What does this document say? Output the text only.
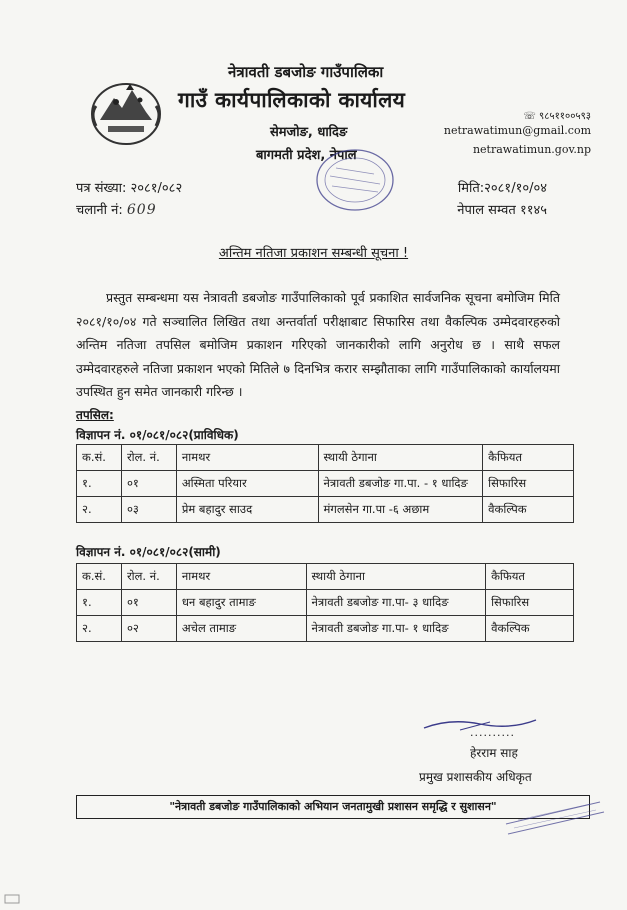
नेत्रावती डबजोङ गाउँपालिका
गाउँ कार्यपालिकाको कार्यालय
सेमजोङ, धादिङ
बागमती प्रदेश, नेपाल
☏ ९८५११००५९३
netrawatimun@gmail.com
netrawatimun.gov.np
पत्र संख्या: २०८१/०८२
चलानी नं: 609
मिति:२०८१/१०/०४
नेपाल सम्वत ११४५
अन्तिम नतिजा प्रकाशन सम्बन्धी सूचना !
प्रस्तुत सम्बन्धमा यस नेत्रावती डबजोङ गाउँपालिकाको पूर्व प्रकाशित सार्वजनिक सूचना बमोजिम मिति २०८१/१०/०४ गते सञ्चालित लिखित तथा अन्तर्वार्ता परीक्षाबाट सिफारिस तथा वैकल्पिक उम्मेदवारहरुको अन्तिम नतिजा तपसिल बमोजिम प्रकाशन गरिएको जानकारीको लागि अनुरोध छ । साथै सफल उम्मेदवारहरुले नतिजा प्रकाशन भएको मितिले ७ दिनभित्र करार सम्झौताका लागि गाउँपालिकाको कार्यालयमा उपस्थित हुन समेत जानकारी गरिन्छ ।
तपसिल:
विज्ञापन नं. ०१/०८१/०८२(प्राविधिक)
क.सं.	रोल. नं.	नामथर	स्थायी ठेगाना	कैफियत
१.	०१	अस्मिता परियार	नेत्रावती डबजोङ गा.पा. - १ धादिङ	सिफारिस
२.	०३	प्रेम बहादुर साउद	मंगलसेन गा.पा -६ अछाम	वैकल्पिक
विज्ञापन नं. ०१/०८१/०८२(सामी)
क.सं.	रोल. नं.	नामथर	स्थायी ठेगाना	कैफियत
१.	०१	धन बहादुर तामाङ	नेत्रावती डबजोङ गा.पा- ३ धादिङ	सिफारिस
२.	०२	अचेल तामाङ	नेत्रावती डबजोङ गा.पा- १ धादिङ	वैकल्पिक
..........
हेरराम साह
प्रमुख प्रशासकीय अधिकृत
"नेत्रावती डबजोङ गाउँपालिकाको अभियान जनतामुखी प्रशासन समृद्धि र सुशासन"
